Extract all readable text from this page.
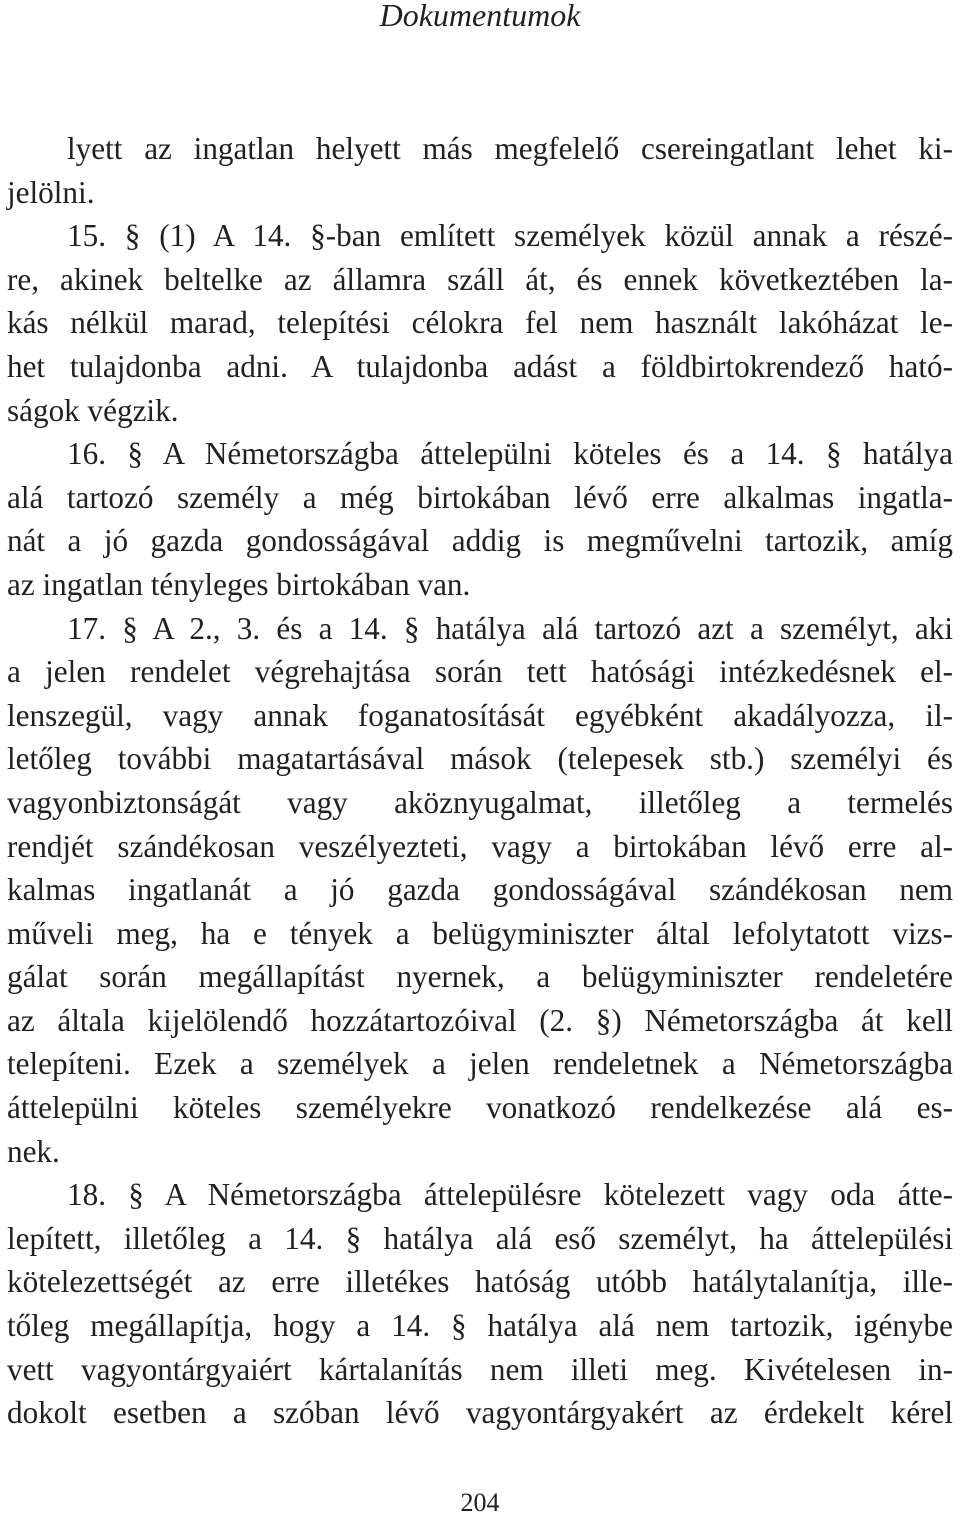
Dokumentumok
lyett az ingatlan helyett más megfelelő csereingatlant lehet ki-
jelölni.
15. § (1) A 14. §-ban említett személyek közül annak a részé-
re, akinek beltelke az államra száll át, és ennek következtében la-
kás nélkül marad, telepítési célokra fel nem használt lakóházat le-
het tulajdonba adni. A tulajdonba adást a földbirtokrendező ható-
ságok végzik.
16. § A Németországba áttelepülni köteles és a 14. § hatálya
alá tartozó személy a még birtokában lévő erre alkalmas ingatla-
nát a jó gazda gondosságával addig is megművelni tartozik, amíg
az ingatlan tényleges birtokában van.
17. § A 2., 3. és a 14. § hatálya alá tartozó azt a személyt, aki
a jelen rendelet végrehajtása során tett hatósági intézkedésnek el-
lenszegül, vagy annak foganatosítását egyébként akadályozza, il-
letőleg további magatartásával mások (telepesek stb.) személyi és
vagyonbiztonságát vagy aköznyugalmat, illetőleg a termelés
rendjét szándékosan veszélyezteti, vagy a birtokában lévő erre al-
kalmas ingatlanát a jó gazda gondosságával szándékosan nem
műveli meg, ha e tények a belügyminiszter által lefolytatott vizs-
gálat során megállapítást nyernek, a belügyminiszter rendeletére
az általa kijelölendő hozzátartozóival (2. §) Németországba át kell
telepíteni. Ezek a személyek a jelen rendeletnek a Németországba
áttelepülni köteles személyekre vonatkozó rendelkezése alá es-
nek.
18. § A Németországba áttelepülésre kötelezett vagy oda átte-
lepített, illetőleg a 14. § hatálya alá eső személyt, ha áttelepülési
kötelezettségét az erre illetékes hatóság utóbb hatálytalanítja, ille-
tőleg megállapítja, hogy a 14. § hatálya alá nem tartozik, igénybe
vett vagyontárgyaiért kártalanítás nem illeti meg. Kivételesen in-
dokolt esetben a szóban lévő vagyontárgyakért az érdekelt kérel
204
